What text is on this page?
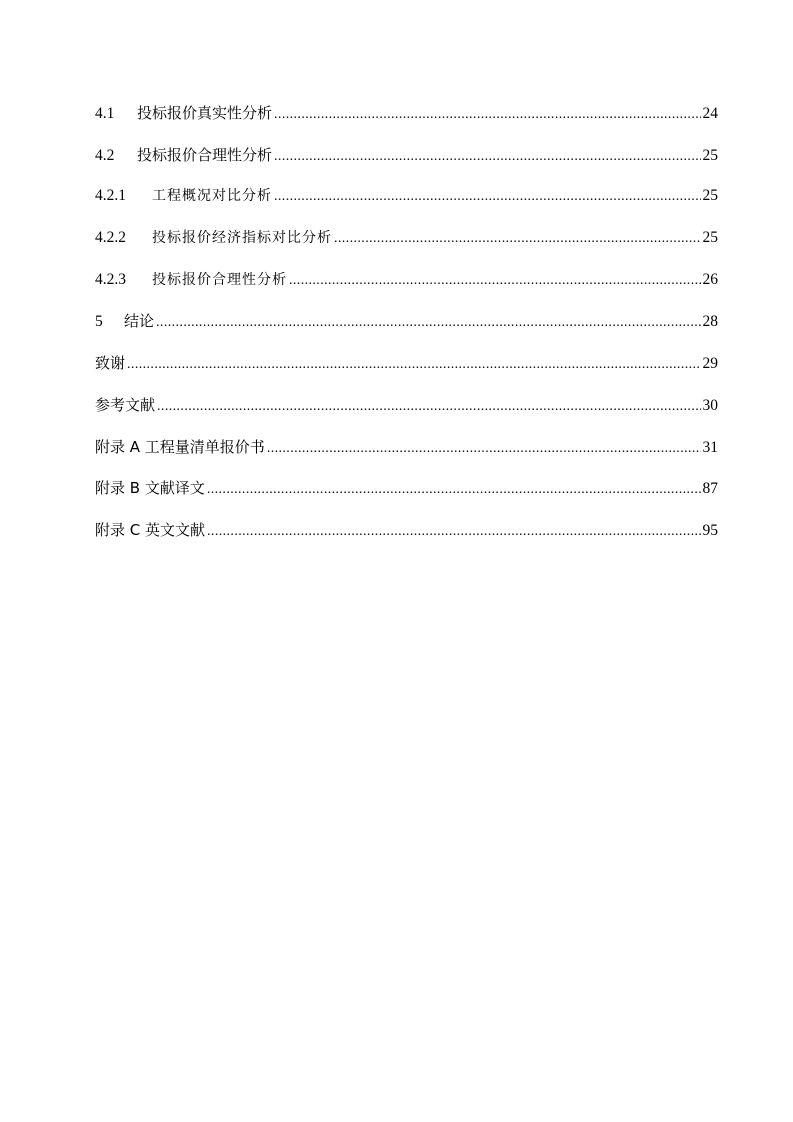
4.1	投标报价真实性分析 .....	24
4.2	投标报价合理性分析 .....	25
4.2.1	工程概况对比分析 .....	25
4.2.2	投标报价经济指标对比分析 .....	25
4.2.3	投标报价合理性分析 .....	26
5	结论 .....	28
致谢 .....	29
参考文献 .....	30
附录 A 工程量清单报价书 .....	31
附录 B 文献译文 .....	87
附录 C 英文文献 .....	95
